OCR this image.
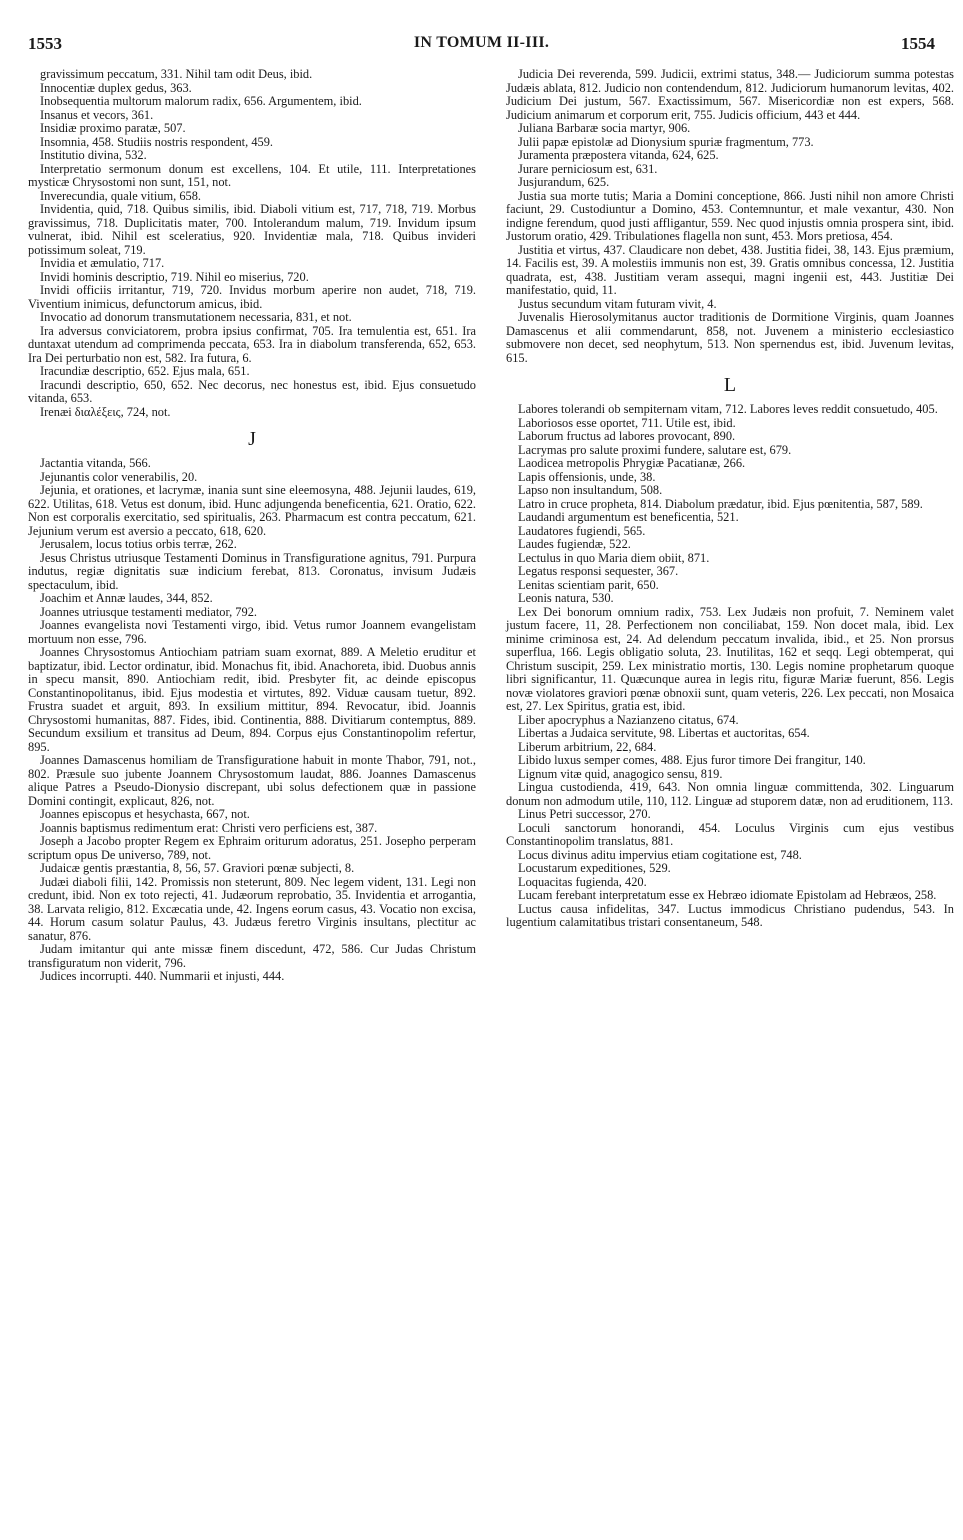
1553	IN TOMUM II-III.	1554

gravissimum peccatum, 331. Nihil tam odit Deus, ibid.

Innocentiæ duplex gedus, 363.

Inobsequentia multorum malorum radix, 656. Argumentem, ibid.

Insanus et vecors, 361.

Insidiæ proximo paratæ, 507.

Insomnia, 458. Studiis nostris respondent, 459.

Institutio divina, 532.

Interpretatio sermonum donum est excellens, 104. Et utile, 111. Interpretationes mysticæ Chrysostomi non sunt, 151, not.

Inverecundia, quale vitium, 658.

Invidentia, quid, 718. Quibus similis, ibid. Diaboli vitium est, 717, 718, 719. Morbus gravissimus, 718. Duplicitatis mater, 700. Intolerandum malum, 719. Invidum ipsum vulnerat, ibid. Nihil est sceleratius, 920. Invidentiæ mala, 718. Quibus invideri potissimum soleat, 719.

Invidia et æmulatio, 717.

Invidi hominis descriptio, 719. Nihil eo miserius, 720.

Invidi officiis irritantur, 719, 720. Invidus morbum aperire non audet, 718, 719. Viventium inimicus, defunctorum amicus, ibid.

Invocatio ad donorum transmutationem necessaria, 831, et not.

Ira adversus conviciatorem, probra ipsius confirmat, 705. Ira temulentia est, 651. Ira duntaxat utendum ad comprimenda peccata, 653. Ira in diabolum transferenda, 652, 653. Ira Dei perturbatio non est, 582. Ira futura, 6.

Iracundiæ descriptio, 652. Ejus mala, 651.

Iracundi descriptio, 650, 652. Nec decorus, nec honestus est, ibid. Ejus consuetudo vitanda, 653.

Irenæi διαλέξεις, 724, not.

J

Jactantia vitanda, 566.

Jejunantis color venerabilis, 20.

Jejunia, et orationes, et lacrymæ, inania sunt sine eleemosyna, 488. Jejunii laudes, 619, 622. Utilitas, 618. Vetus est donum, ibid. Hunc adjungenda beneficentia, 621. Oratio, 622. Non est corporalis exercitatio, sed spiritualis, 263. Pharmacum est contra peccatum, 621. Jejunium verum est aversio a peccato, 618, 620.

Jerusalem, locus totius orbis terræ, 262.

Jesus Christus utriusque Testamenti Dominus in Transfiguratione agnitus, 791. Purpura indutus, regiæ dignitatis suæ indicium ferebat, 813. Coronatus, invisum Judæis spectaculum, ibid.

Joachim et Annæ laudes, 344, 852.

Joannes utriusque testamenti mediator, 792.

Joannes evangelista novi Testamenti virgo, ibid. Vetus rumor Joannem evangelistam mortuum non esse, 796.

Joannes Chrysostomus Antiochiam patriam suam exornat, 889. A Meletio eruditur et baptizatur, ibid. Lector ordinatur, ibid. Monachus fit, ibid. Anachoreta, ibid. Duobus annis in specu mansit, 890. Antiochiam redit, ibid. Presbyter fit, ac deinde episcopus Constantinopolitanus, ibid. Ejus modestia et virtutes, 892. Viduæ causam tuetur, 892. Frustra suadet et arguit, 893. In exsilium mittitur, 894. Revocatur, ibid. Joannis Chrysostomi humanitas, 887. Fides, ibid. Continentia, 888. Divitiarum contemptus, 889. Secundum exsilium et transitus ad Deum, 894. Corpus ejus Constantinopolim refertur, 895.

Joannes Damascenus homiliam de Transfiguratione habuit in monte Thabor, 791, not., 802. Præsule suo jubente Joannem Chrysostomum laudat, 886. Joannes Damascenus alique Patres a Pseudo-Dionysio discrepant, ubi solus defectionem quæ in passione Domini contingit, explicaut, 826, not.

Joannes episcopus et hesychasta, 667, not.

Joannis baptismus redimentum erat: Christi vero perficiens est, 387.

Joseph a Jacobo propter Regem ex Ephraim oriturum adoratus, 251. Josepho perperam scriptum opus De universo, 789, not.

Judaicæ gentis præstantia, 8, 56, 57. Graviori pœnæ subjecti, 8.

Judæi diaboli filii, 142. Promissis non steterunt, 809. Nec legem vident, 131. Legi non credunt, ibid. Non ex toto rejecti, 41. Judæorum reprobatio, 35. Invidentia et arrogantia, 38. Larvata religio, 812. Excæcatia unde, 42. Ingens eorum casus, 43. Vocatio non excisa, 44. Horum casum solatur Paulus, 43. Judæus feretro Virginis insultans, plectitur ac sanatur, 876.

Judam imitantur qui ante missæ finem discedunt, 472, 586. Cur Judas Christum transfiguratum non viderit, 796.

Judices incorrupti. 440. Nummarii et injusti, 444.

Judicia Dei reverenda, 599. Judicii, extrimi status, 348.— Judiciorum summa potestas Judæis ablata, 812. Judicio non contendendum, 812. Judiciorum humanorum levitas, 402. Judicium Dei justum, 567. Exactissimum, 567. Misericordiæ non est expers, 568. Judicium animarum et corporum erit, 755. Judicis officium, 443 et 444.

Juliana Barbaræ socia martyr, 906.

Julii papæ epistolæ ad Dionysium spuriæ fragmentum, 773.

Juramenta præpostera vitanda, 624, 625.

Jurare perniciosum est, 631.

Jusjurandum, 625.

Justia sua morte tutis; Maria a Domini conceptione, 866. Justi nihil non amore Christi faciunt, 29. Custodiuntur a Domino, 453. Contemnuntur, et male vexantur, 430. Non indigne ferendum, quod justi affligantur, 559. Nec quod injustis omnia prospera sint, ibid. Justorum oratio, 429. Tribulationes flagella non sunt, 453. Mors pretiosa, 454.

Justitia et virtus, 437. Claudicare non debet, 438. Justitia fidei, 38, 143. Ejus præmium, 14. Facilis est, 39. A molestiis immunis non est, 39. Gratis omnibus concessa, 12. Justitia quadrata, est, 438. Justitiam veram assequi, magni ingenii est, 443. Justitiæ Dei manifestatio, quid, 11.

Justus secundum vitam futuram vivit, 4.

Juvenalis Hierosolymitanus auctor traditionis de Dormitione Virginis, quam Joannes Damascenus et alii commendarunt, 858, not. Juvenem a ministerio ecclesiastico submovere non decet, sed neophytum, 513. Non spernendus est, ibid. Juvenum levitas, 615.

L

Labores tolerandi ob sempiternam vitam, 712. Labores leves reddit consuetudo, 405.

Laboriosos esse oportet, 711. Utile est, ibid.

Laborum fructus ad labores provocant, 890.

Lacrymas pro salute proximi fundere, salutare est, 679.

Laodicea metropolis Phrygiæ Pacatianæ, 266.

Lapis offensionis, unde, 38.

Lapso non insultandum, 508.

Latro in cruce propheta, 814. Diabolum prædatur, ibid. Ejus pœnitentia, 587, 589.

Laudandi argumentum est beneficentia, 521.

Laudatores fugiendi, 565.

Laudes fugiendæ, 522.

Lectulus in quo Maria diem obiit, 871.

Legatus responsi sequester, 367.

Lenitas scientiam parit, 650.

Leonis natura, 530.

Lex Dei bonorum omnium radix, 753. Lex Judæis non profuit, 7. Neminem valet justum facere, 11, 28. Perfectionem non conciliabat, 159. Non docet mala, ibid. Lex minime criminosa est, 24. Ad delendum peccatum invalida, ibid., et 25. Non prorsus superflua, 166. Legis obligatio soluta, 23. Inutilitas, 162 et seqq. Legi obtemperat, qui Christum suscipit, 259. Lex ministratio mortis, 130. Legis nomine prophetarum quoque libri significantur, 11. Quæcunque aurea in legis ritu, figuræ Mariæ fuerunt, 856. Legis novæ violatores graviori pœnæ obnoxii sunt, quam veteris, 226. Lex peccati, non Mosaica est, 27. Lex Spiritus, gratia est, ibid.

Liber apocryphus a Nazianzeno citatus, 674.

Libertas a Judaica servitute, 98. Libertas et auctoritas, 654.

Liberum arbitrium, 22, 684.

Libido luxus semper comes, 488. Ejus furor timore Dei frangitur, 140.

Lignum vitæ quid, anagogico sensu, 819.

Lingua custodienda, 419, 643. Non omnia linguæ committenda, 302. Linguarum donum non admodum utile, 110, 112. Linguæ ad stuporem datæ, non ad eruditionem, 113.

Linus Petri successor, 270.

Loculi sanctorum honorandi, 454. Loculus Virginis cum ejus vestibus Constantinopolim translatus, 881.

Locus divinus aditu impervius etiam cogitatione est, 748.

Locustarum expeditiones, 529.

Loquacitas fugienda, 420.

Lucam ferebant interpretatum esse ex Hebræo idiomate Epistolam ad Hebræos, 258.

Luctus causa infidelitas, 347. Luctus immodicus Christiano pudendus, 543. In lugentium calamitatibus tristari consentaneum, 548.
